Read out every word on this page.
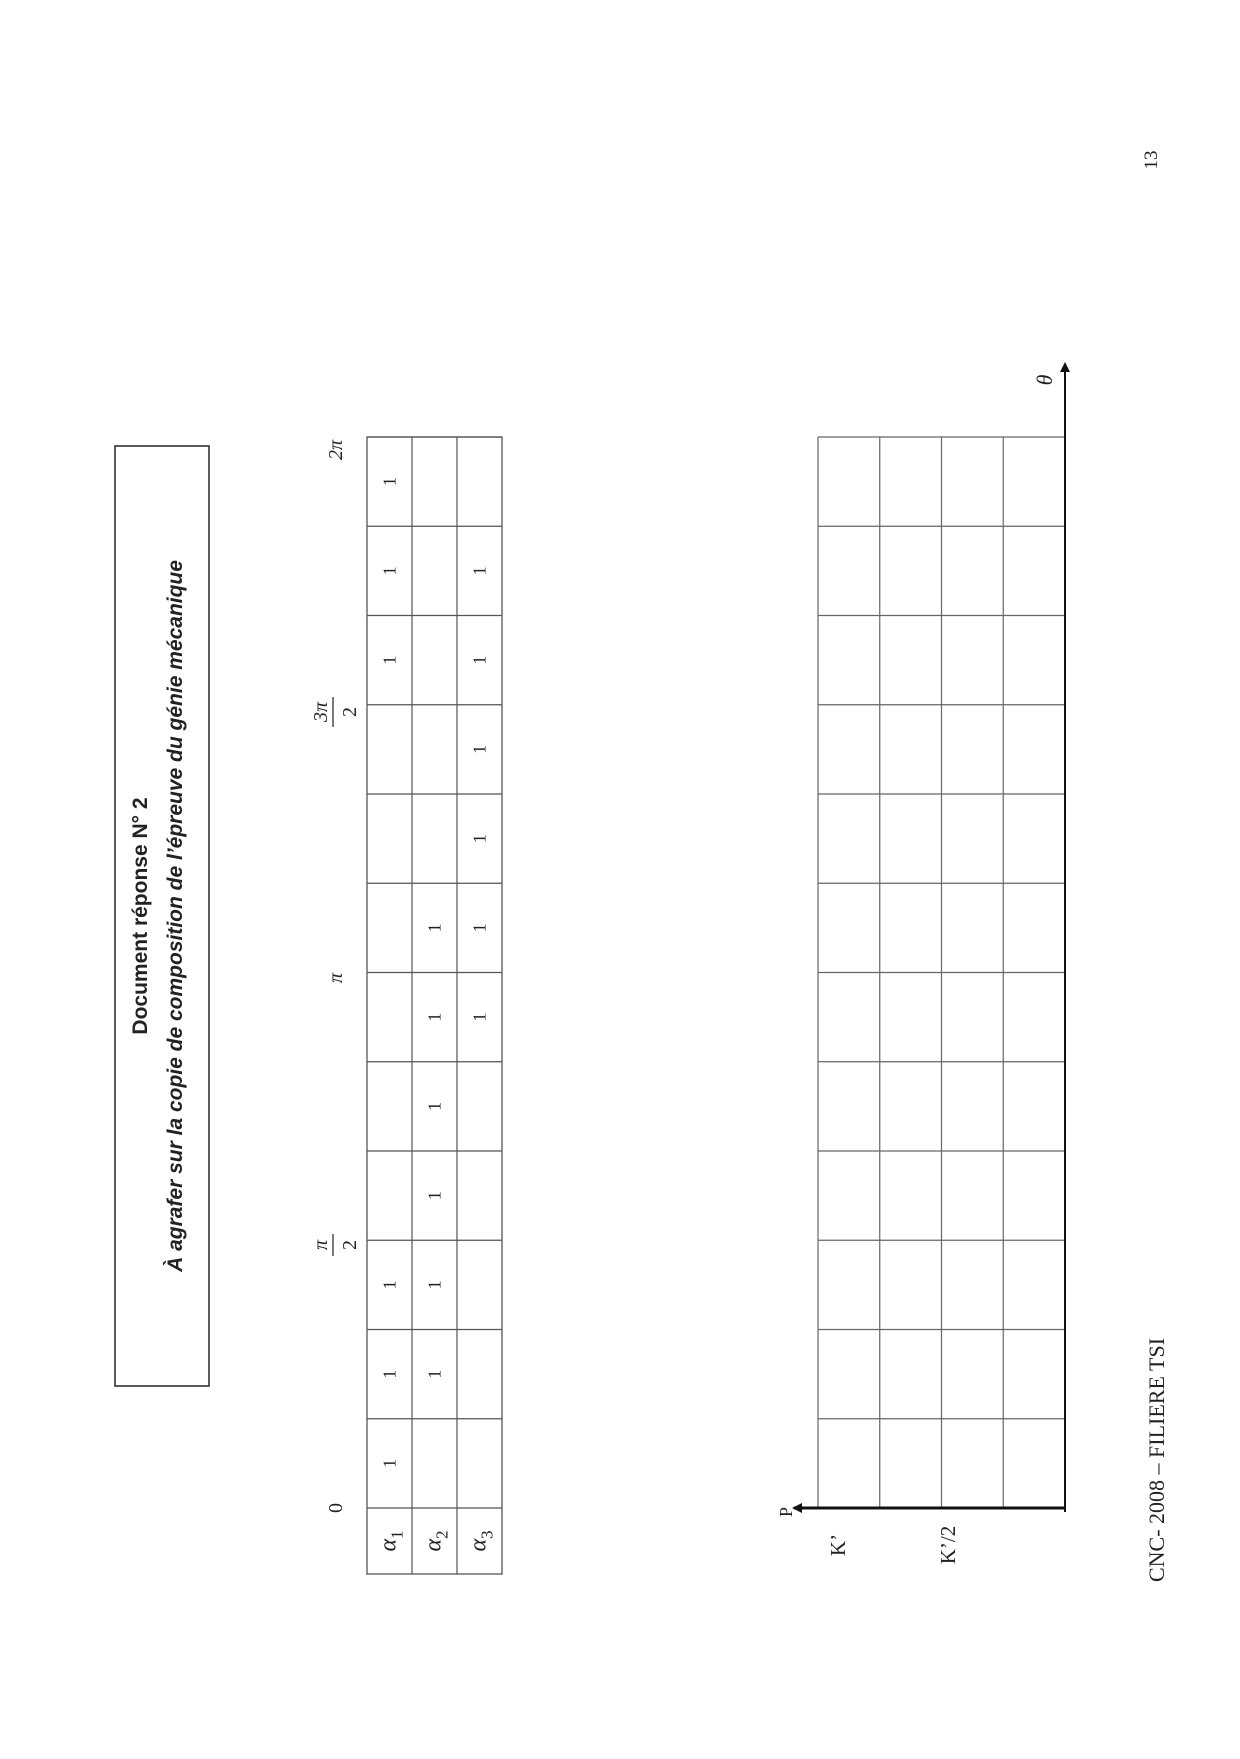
13
CNC- 2008 – FILIERE TSI
Document réponse N° 2 À agrafer sur la copie de composition de l’épreuve du génie mécanique
0
π 2
π
3π 2
2π
$\alpha_1$
1
1
1
1
1
1
$\alpha_2$
1
1
1
1
1
1
$\alpha_3$
1
1
1
1
1
1
P
θ
K’	K’/2
